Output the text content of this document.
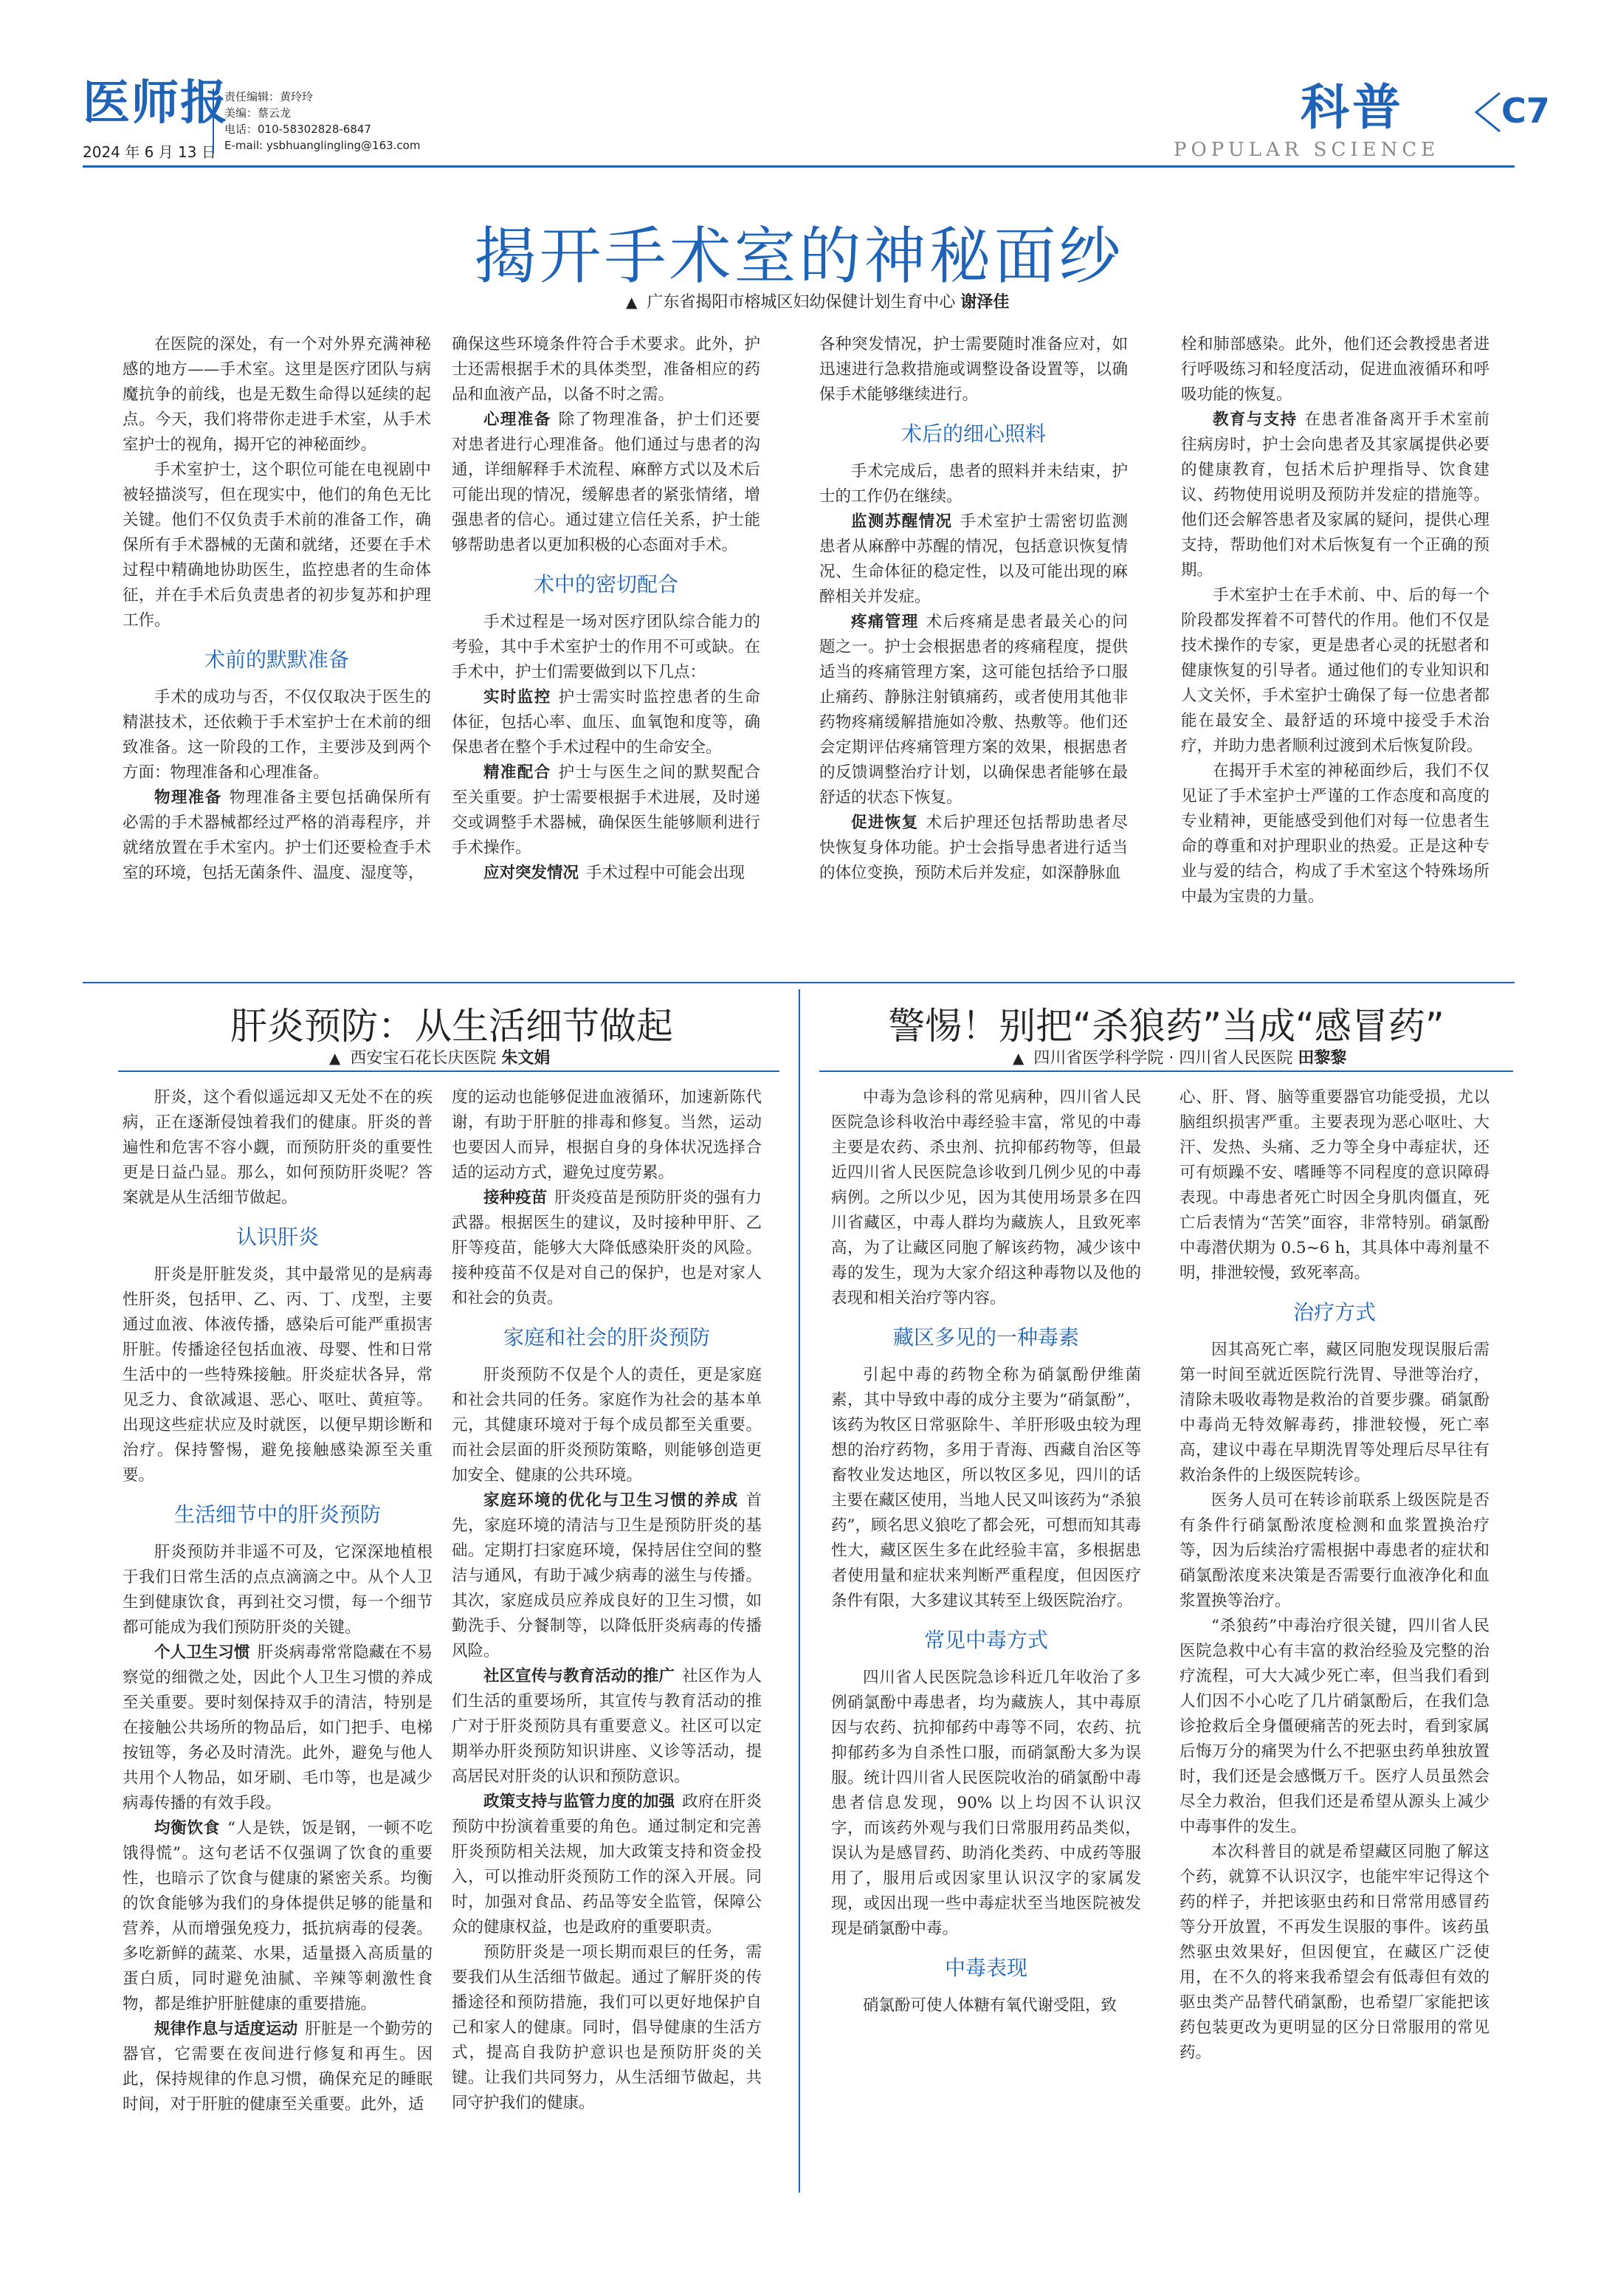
医师报
2024 年 6 月 13 日
责任编辑：黄玲玲
美编：蔡云龙
电话：010-58302828-6847
E-mail: ysbhuanglingling@163.com
科普	C7
POPULAR SCIENCE
揭开手术室的神秘面纱
▲ 广东省揭阳市榕城区妇幼保健计划生育中心 谢泽佳

在医院的深处，有一个对外界充满神秘感的地方——手术室。这里是医疗团队与病魔抗争的前线，也是无数生命得以延续的起点。今天，我们将带你走进手术室，从手术室护士的视角，揭开它的神秘面纱。

手术室护士，这个职位可能在电视剧中被轻描淡写，但在现实中，他们的角色无比关键。他们不仅负责手术前的准备工作，确保所有手术器械的无菌和就绪，还要在手术过程中精确地协助医生，监控患者的生命体征，并在手术后负责患者的初步复苏和护理工作。

术前的默默准备

手术的成功与否，不仅仅取决于医生的精湛技术，还依赖于手术室护士在术前的细致准备。这一阶段的工作，主要涉及到两个方面：物理准备和心理准备。

物理准备 物理准备主要包括确保所有必需的手术器械都经过严格的消毒程序，并就绪放置在手术室内。护士们还要检查手术室的环境，包括无菌条件、温度、湿度等，

确保这些环境条件符合手术要求。此外，护士还需根据手术的具体类型，准备相应的药品和血液产品，以备不时之需。

心理准备 除了物理准备，护士们还要对患者进行心理准备。他们通过与患者的沟通，详细解释手术流程、麻醉方式以及术后可能出现的情况，缓解患者的紧张情绪，增强患者的信心。通过建立信任关系，护士能够帮助患者以更加积极的心态面对手术。

术中的密切配合

手术过程是一场对医疗团队综合能力的考验，其中手术室护士的作用不可或缺。在手术中，护士们需要做到以下几点：

实时监控 护士需实时监控患者的生命体征，包括心率、血压、血氧饱和度等，确保患者在整个手术过程中的生命安全。

精准配合 护士与医生之间的默契配合至关重要。护士需要根据手术进展，及时递交或调整手术器械，确保医生能够顺利进行手术操作。

应对突发情况 手术过程中可能会出现

各种突发情况，护士需要随时准备应对，如迅速进行急救措施或调整设备设置等，以确保手术能够继续进行。

术后的细心照料

手术完成后，患者的照料并未结束，护士的工作仍在继续。

监测苏醒情况 手术室护士需密切监测患者从麻醉中苏醒的情况，包括意识恢复情况、生命体征的稳定性，以及可能出现的麻醉相关并发症。

疼痛管理 术后疼痛是患者最关心的问题之一。护士会根据患者的疼痛程度，提供适当的疼痛管理方案，这可能包括给予口服止痛药、静脉注射镇痛药，或者使用其他非药物疼痛缓解措施如冷敷、热敷等。他们还会定期评估疼痛管理方案的效果，根据患者的反馈调整治疗计划，以确保患者能够在最舒适的状态下恢复。

促进恢复 术后护理还包括帮助患者尽快恢复身体功能。护士会指导患者进行适当的体位变换，预防术后并发症，如深静脉血

栓和肺部感染。此外，他们还会教授患者进行呼吸练习和轻度活动，促进血液循环和呼吸功能的恢复。

教育与支持 在患者准备离开手术室前往病房时，护士会向患者及其家属提供必要的健康教育，包括术后护理指导、饮食建议、药物使用说明及预防并发症的措施等。他们还会解答患者及家属的疑问，提供心理支持，帮助他们对术后恢复有一个正确的预期。

手术室护士在手术前、中、后的每一个阶段都发挥着不可替代的作用。他们不仅是技术操作的专家，更是患者心灵的抚慰者和健康恢复的引导者。通过他们的专业知识和人文关怀，手术室护士确保了每一位患者都能在最安全、最舒适的环境中接受手术治疗，并助力患者顺利过渡到术后恢复阶段。

在揭开手术室的神秘面纱后，我们不仅见证了手术室护士严谨的工作态度和高度的专业精神，更能感受到他们对每一位患者生命的尊重和对护理职业的热爱。正是这种专业与爱的结合，构成了手术室这个特殊场所中最为宝贵的力量。

肝炎预防：从生活细节做起
▲ 西安宝石花长庆医院 朱文娟

肝炎，这个看似遥远却又无处不在的疾病，正在逐渐侵蚀着我们的健康。肝炎的普遍性和危害不容小觑，而预防肝炎的重要性更是日益凸显。那么，如何预防肝炎呢？答案就是从生活细节做起。

认识肝炎

肝炎是肝脏发炎，其中最常见的是病毒性肝炎，包括甲、乙、丙、丁、戊型，主要通过血液、体液传播，感染后可能严重损害肝脏。传播途径包括血液、母婴、性和日常生活中的一些特殊接触。肝炎症状各异，常见乏力、食欲减退、恶心、呕吐、黄疸等。出现这些症状应及时就医，以便早期诊断和治疗。保持警惕，避免接触感染源至关重要。

生活细节中的肝炎预防

肝炎预防并非遥不可及，它深深地植根于我们日常生活的点点滴滴之中。从个人卫生到健康饮食，再到社交习惯，每一个细节都可能成为我们预防肝炎的关键。

个人卫生习惯 肝炎病毒常常隐藏在不易察觉的细微之处，因此个人卫生习惯的养成至关重要。要时刻保持双手的清洁，特别是在接触公共场所的物品后，如门把手、电梯按钮等，务必及时清洗。此外，避免与他人共用个人物品，如牙刷、毛巾等，也是减少病毒传播的有效手段。

均衡饮食 “人是铁，饭是钢，一顿不吃饿得慌”。这句老话不仅强调了饮食的重要性，也暗示了饮食与健康的紧密关系。均衡的饮食能够为我们的身体提供足够的能量和营养，从而增强免疫力，抵抗病毒的侵袭。多吃新鲜的蔬菜、水果，适量摄入高质量的蛋白质，同时避免油腻、辛辣等刺激性食物，都是维护肝脏健康的重要措施。

规律作息与适度运动 肝脏是一个勤劳的器官，它需要在夜间进行修复和再生。因此，保持规律的作息习惯，确保充足的睡眠时间，对于肝脏的健康至关重要。此外，适

度的运动也能够促进血液循环，加速新陈代谢，有助于肝脏的排毒和修复。当然，运动也要因人而异，根据自身的身体状况选择合适的运动方式，避免过度劳累。

接种疫苗 肝炎疫苗是预防肝炎的强有力武器。根据医生的建议，及时接种甲肝、乙肝等疫苗，能够大大降低感染肝炎的风险。接种疫苗不仅是对自己的保护，也是对家人和社会的负责。

家庭和社会的肝炎预防

肝炎预防不仅是个人的责任，更是家庭和社会共同的任务。家庭作为社会的基本单元，其健康环境对于每个成员都至关重要。而社会层面的肝炎预防策略，则能够创造更加安全、健康的公共环境。

家庭环境的优化与卫生习惯的养成 首先，家庭环境的清洁与卫生是预防肝炎的基础。定期打扫家庭环境，保持居住空间的整洁与通风，有助于减少病毒的滋生与传播。其次，家庭成员应养成良好的卫生习惯，如勤洗手、分餐制等，以降低肝炎病毒的传播风险。

社区宣传与教育活动的推广 社区作为人们生活的重要场所，其宣传与教育活动的推广对于肝炎预防具有重要意义。社区可以定期举办肝炎预防知识讲座、义诊等活动，提高居民对肝炎的认识和预防意识。

政策支持与监管力度的加强 政府在肝炎预防中扮演着重要的角色。通过制定和完善肝炎预防相关法规，加大政策支持和资金投入，可以推动肝炎预防工作的深入开展。同时，加强对食品、药品等安全监管，保障公众的健康权益，也是政府的重要职责。

预防肝炎是一项长期而艰巨的任务，需要我们从生活细节做起。通过了解肝炎的传播途径和预防措施，我们可以更好地保护自己和家人的健康。同时，倡导健康的生活方式，提高自我防护意识也是预防肝炎的关键。让我们共同努力，从生活细节做起，共同守护我们的健康。

警惕！别把“杀狼药”当成“感冒药”
▲ 四川省医学科学院 · 四川省人民医院 田黎黎

中毒为急诊科的常见病种，四川省人民医院急诊科收治中毒经验丰富，常见的中毒主要是农药、杀虫剂、抗抑郁药物等，但最近四川省人民医院急诊收到几例少见的中毒病例。之所以少见，因为其使用场景多在四川省藏区，中毒人群均为藏族人，且致死率高，为了让藏区同胞了解该药物，减少该中毒的发生，现为大家介绍这种毒物以及他的表现和相关治疗等内容。

藏区多见的一种毒素

引起中毒的药物全称为硝氯酚伊维菌素，其中导致中毒的成分主要为“硝氯酚”，该药为牧区日常驱除牛、羊肝形吸虫较为理想的治疗药物，多用于青海、西藏自治区等畜牧业发达地区，所以牧区多见，四川的话主要在藏区使用，当地人民又叫该药为“杀狼药”，顾名思义狼吃了都会死，可想而知其毒性大，藏区医生多在此经验丰富，多根据患者使用量和症状来判断严重程度，但因医疗条件有限，大多建议其转至上级医院治疗。

常见中毒方式

四川省人民医院急诊科近几年收治了多例硝氯酚中毒患者，均为藏族人，其中毒原因与农药、抗抑郁药中毒等不同，农药、抗抑郁药多为自杀性口服，而硝氯酚大多为误服。统计四川省人民医院收治的硝氯酚中毒患者信息发现，90% 以上均因不认识汉字，而该药外观与我们日常服用药品类似，误认为是感冒药、助消化类药、中成药等服用了，服用后或因家里认识汉字的家属发现，或因出现一些中毒症状至当地医院被发现是硝氯酚中毒。

中毒表现

硝氯酚可使人体糖有氧代谢受阻，致

心、肝、肾、脑等重要器官功能受损，尤以脑组织损害严重。主要表现为恶心呕吐、大汗、发热、头痛、乏力等全身中毒症状，还可有烦躁不安、嗜睡等不同程度的意识障碍表现。中毒患者死亡时因全身肌肉僵直，死亡后表情为“苦笑”面容，非常特别。硝氯酚中毒潜伏期为 0.5~6 h，其具体中毒剂量不明，排泄较慢，致死率高。

治疗方式

因其高死亡率，藏区同胞发现误服后需第一时间至就近医院行洗胃、导泄等治疗，清除未吸收毒物是救治的首要步骤。硝氯酚中毒尚无特效解毒药，排泄较慢，死亡率高，建议中毒在早期洗胃等处理后尽早往有救治条件的上级医院转诊。

医务人员可在转诊前联系上级医院是否有条件行硝氯酚浓度检测和血浆置换治疗等，因为后续治疗需根据中毒患者的症状和硝氯酚浓度来决策是否需要行血液净化和血浆置换等治疗。

“杀狼药”中毒治疗很关键，四川省人民医院急救中心有丰富的救治经验及完整的治疗流程，可大大减少死亡率，但当我们看到人们因不小心吃了几片硝氯酚后，在我们急诊抢救后全身僵硬痛苦的死去时，看到家属后悔万分的痛哭为什么不把驱虫药单独放置时，我们还是会感慨万千。医疗人员虽然会尽全力救治，但我们还是希望从源头上减少中毒事件的发生。

本次科普目的就是希望藏区同胞了解这个药，就算不认识汉字，也能牢牢记得这个药的样子，并把该驱虫药和日常常用感冒药等分开放置，不再发生误服的事件。该药虽然驱虫效果好，但因便宜，在藏区广泛使用，在不久的将来我希望会有低毒但有效的驱虫类产品替代硝氯酚，也希望厂家能把该药包装更改为更明显的区分日常服用的常见药。
